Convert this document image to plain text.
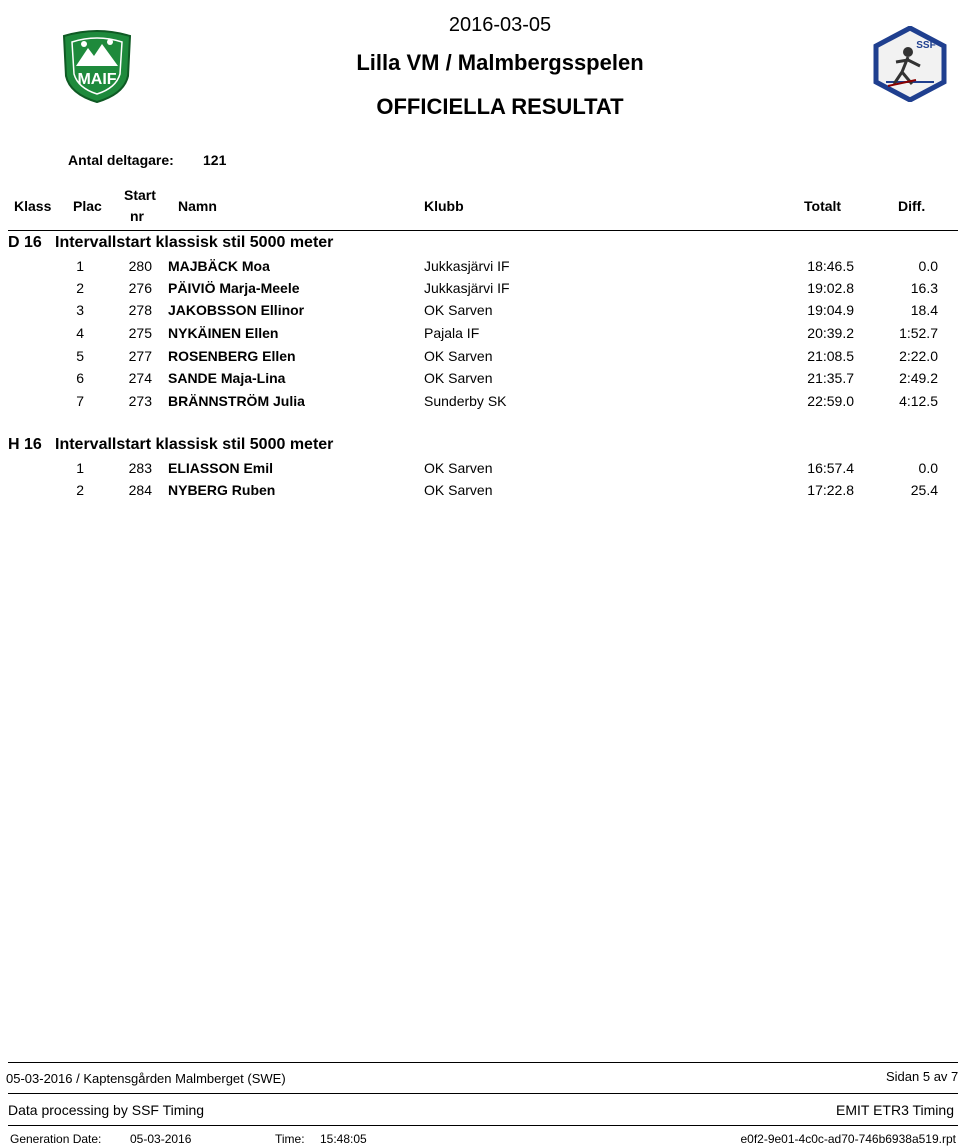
2016-03-05
Lilla VM / Malmbergsspelen
OFFICIELLA RESULTAT
MAIF
SSF
Antal deltagare: 121
Klass Plac
Start
nr
Namn	Klubb	Totalt	Diff.
D 16 Intervallstart klassisk stil 5000 meter
1	280 MAJBÄCK Moa	Jukkasjärvi IF	18:46.5	0.0
2	276 PÄIVIÖ Marja-Meele	Jukkasjärvi IF	19:02.8	16.3
3	278 JAKOBSSON Ellinor	OK Sarven	19:04.9	18.4
4	275 NYKÄINEN Ellen	Pajala IF	20:39.2	1:52.7
5	277 ROSENBERG Ellen	OK Sarven	21:08.5	2:22.0
6	274 SANDE Maja-Lina	OK Sarven	21:35.7	2:49.2
7	273 BRÄNNSTRÖM Julia	Sunderby SK	22:59.0	4:12.5
H 16 Intervallstart klassisk stil 5000 meter
1	283 ELIASSON Emil	OK Sarven	16:57.4	0.0
2	284 NYBERG Ruben	OK Sarven	17:22.8	25.4
05-03-2016 / Kaptensgården Malmberget (SWE)	Sidan 5 av 7
Data processing by SSF Timing	EMIT ETR3 Timing
Generation Date: 05-03-2016	Time: 15:48:05	e0f2-9e01-4c0c-ad70-746b6938a519.rpt
